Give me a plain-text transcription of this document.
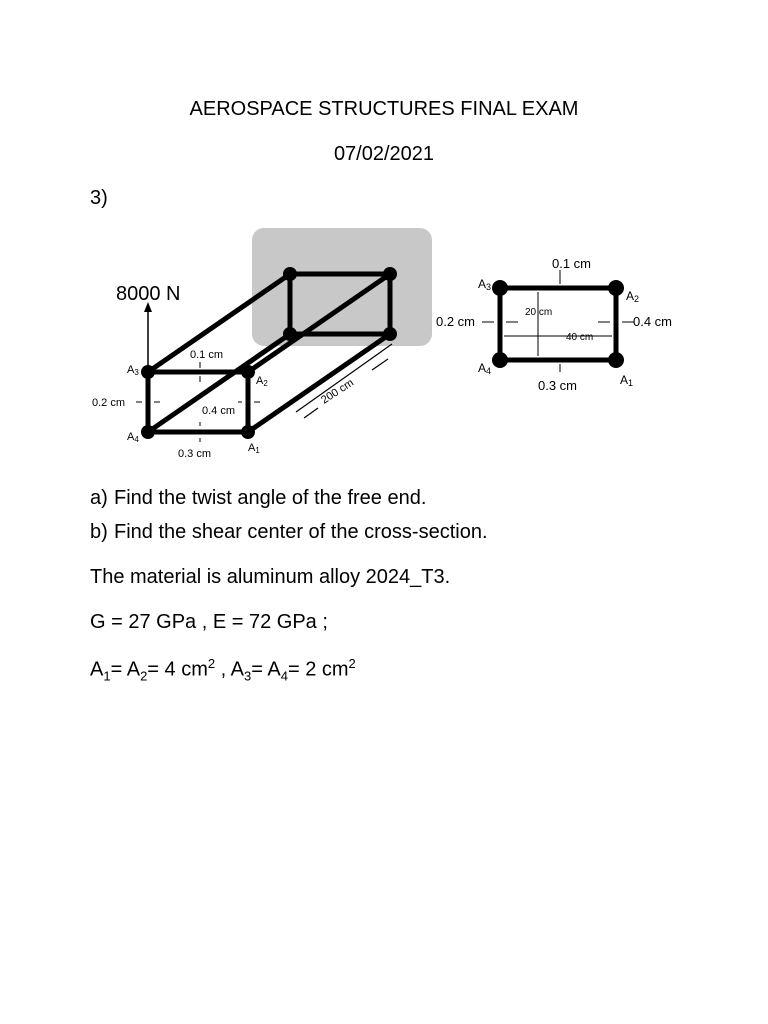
AEROSPACE STRUCTURES FINAL EXAM
07/02/2021
3)
8000 N
0.1 cm
0.2 cm
0.4 cm
0.3 cm
200 cm
A3
A2
A4
A1
0.1 cm
0.2 cm	0.4 cm
0.3 cm
20 cm
40 cm
A3
A2
A4
A1
a) Find the twist angle of the free end.
b) Find the shear center of the cross-section.
The material is aluminum alloy 2024_T3.
G = 27 GPa , E = 72 GPa ;
$A_1= A_2= 4$ $cm^2$ , $A_3= A_4= 2$ $cm^2$
